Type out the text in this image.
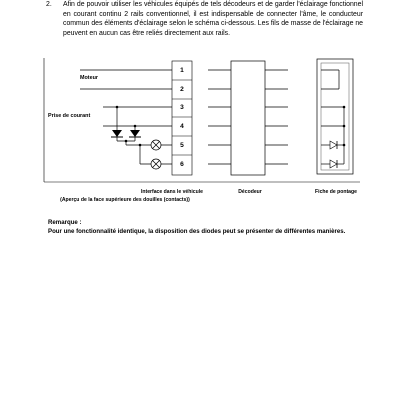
2. Afin de pouvoir utiliser les véhicules équipés de tels décodeurs et de garder l'éclairage fonctionnel en courant continu 2 rails conventionnel, il est indispensable de connecter l'âme, le conducteur commun des éléments d'éclairage selon le schéma ci-dessous. Les fils de masse de l'éclairage ne peuvent en aucun cas être reliés directement aux rails.

1
2
3
4
5
6
Moteur
Prise de courant
Interface dans le véhicule
(Aperçu de la face supérieure des douilles (contacts))
Décodeur	Fiche de pontage

Remarque :

Pour une fonctionnalité identique, la disposition des diodes peut se présenter de différentes manières.
